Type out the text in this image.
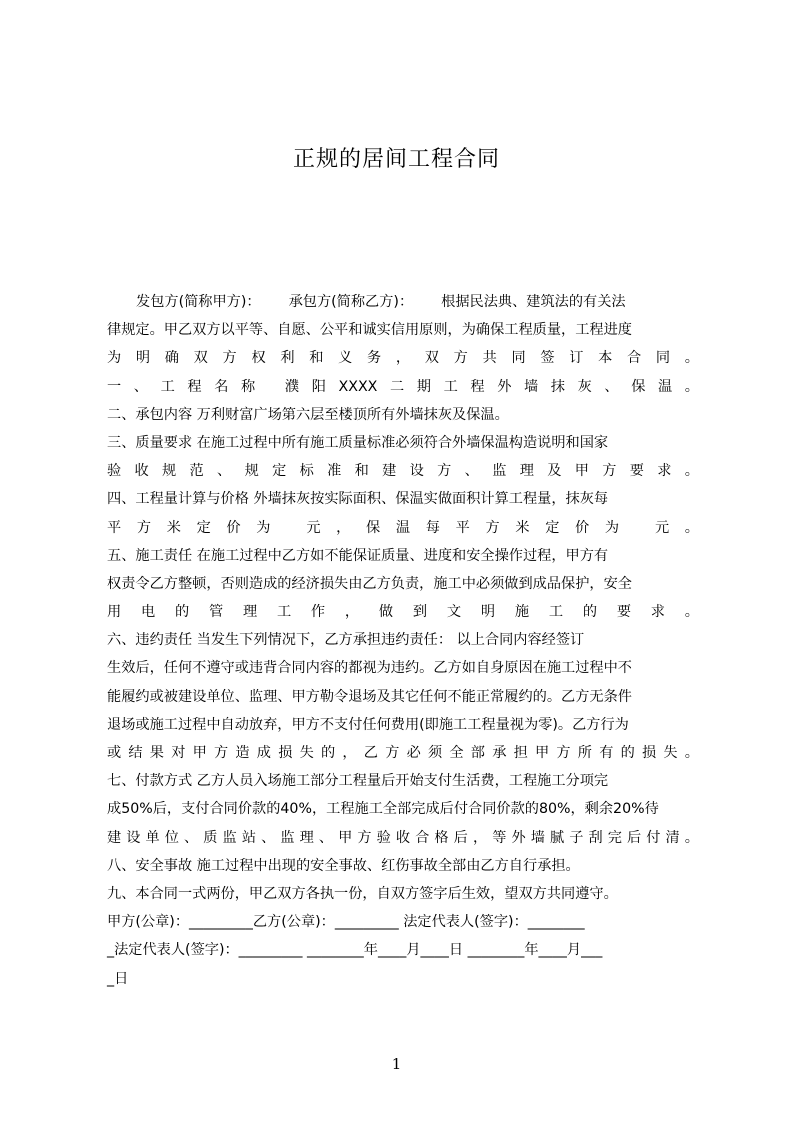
正规的居间工程合同
发包方(简称甲方)： 承包方(简称乙方)： 根据民法典、建筑法的有关法
律规定。甲乙双方以平等、自愿、公平和诚实信用原则，为确保工程质量，工程进度
为明确双方权利和义务，双方共同签订本合同。
一、工程名称 濮阳XXXX二期工程外墙抹灰、保温。
二、承包内容 万利财富广场第六层至楼顶所有外墙抹灰及保温。
三、质量要求 在施工过程中所有施工质量标准必须符合外墙保温构造说明和国家
验收规范、规定标准和建设方、监理及甲方要求。
四、工程量计算与价格 外墙抹灰按实际面积、保温实做面积计算工程量，抹灰每
平方米定价为 元，保温每平方米定价为 元。
五、施工责任 在施工过程中乙方如不能保证质量、进度和安全操作过程，甲方有
权责令乙方整顿，否则造成的经济损失由乙方负责，施工中必须做到成品保护，安全
用电的管理工作，做到文明施工的要求。
六、违约责任 当发生下列情况下，乙方承担违约责任： 以上合同内容经签订
生效后，任何不遵守或违背合同内容的都视为违约。乙方如自身原因在施工过程中不
能履约或被建设单位、监理、甲方勒令退场及其它任何不能正常履约的。乙方无条件
退场或施工过程中自动放弃，甲方不支付任何费用(即施工工程量视为零)。乙方行为
或结果对甲方造成损失的，乙方必须全部承担甲方所有的损失。
七、付款方式 乙方人员入场施工部分工程量后开始支付生活费，工程施工分项完
成50%后，支付合同价款的40%，工程施工全部完成后付合同价款的80%，剩余20%待
建设单位、质监站、监理、甲方验收合格后，等外墙腻子刮完后付清。
八、安全事故 施工过程中出现的安全事故、红伤事故全部由乙方自行承担。
九、本合同一式两份，甲乙双方各执一份，自双方签字后生效，望双方共同遵守。
甲方(公章)：_________乙方(公章)：_________ 法定代表人(签字)：________
_法定代表人(签字)：_________ ________年____月____日 ________年____月___
_日
1
